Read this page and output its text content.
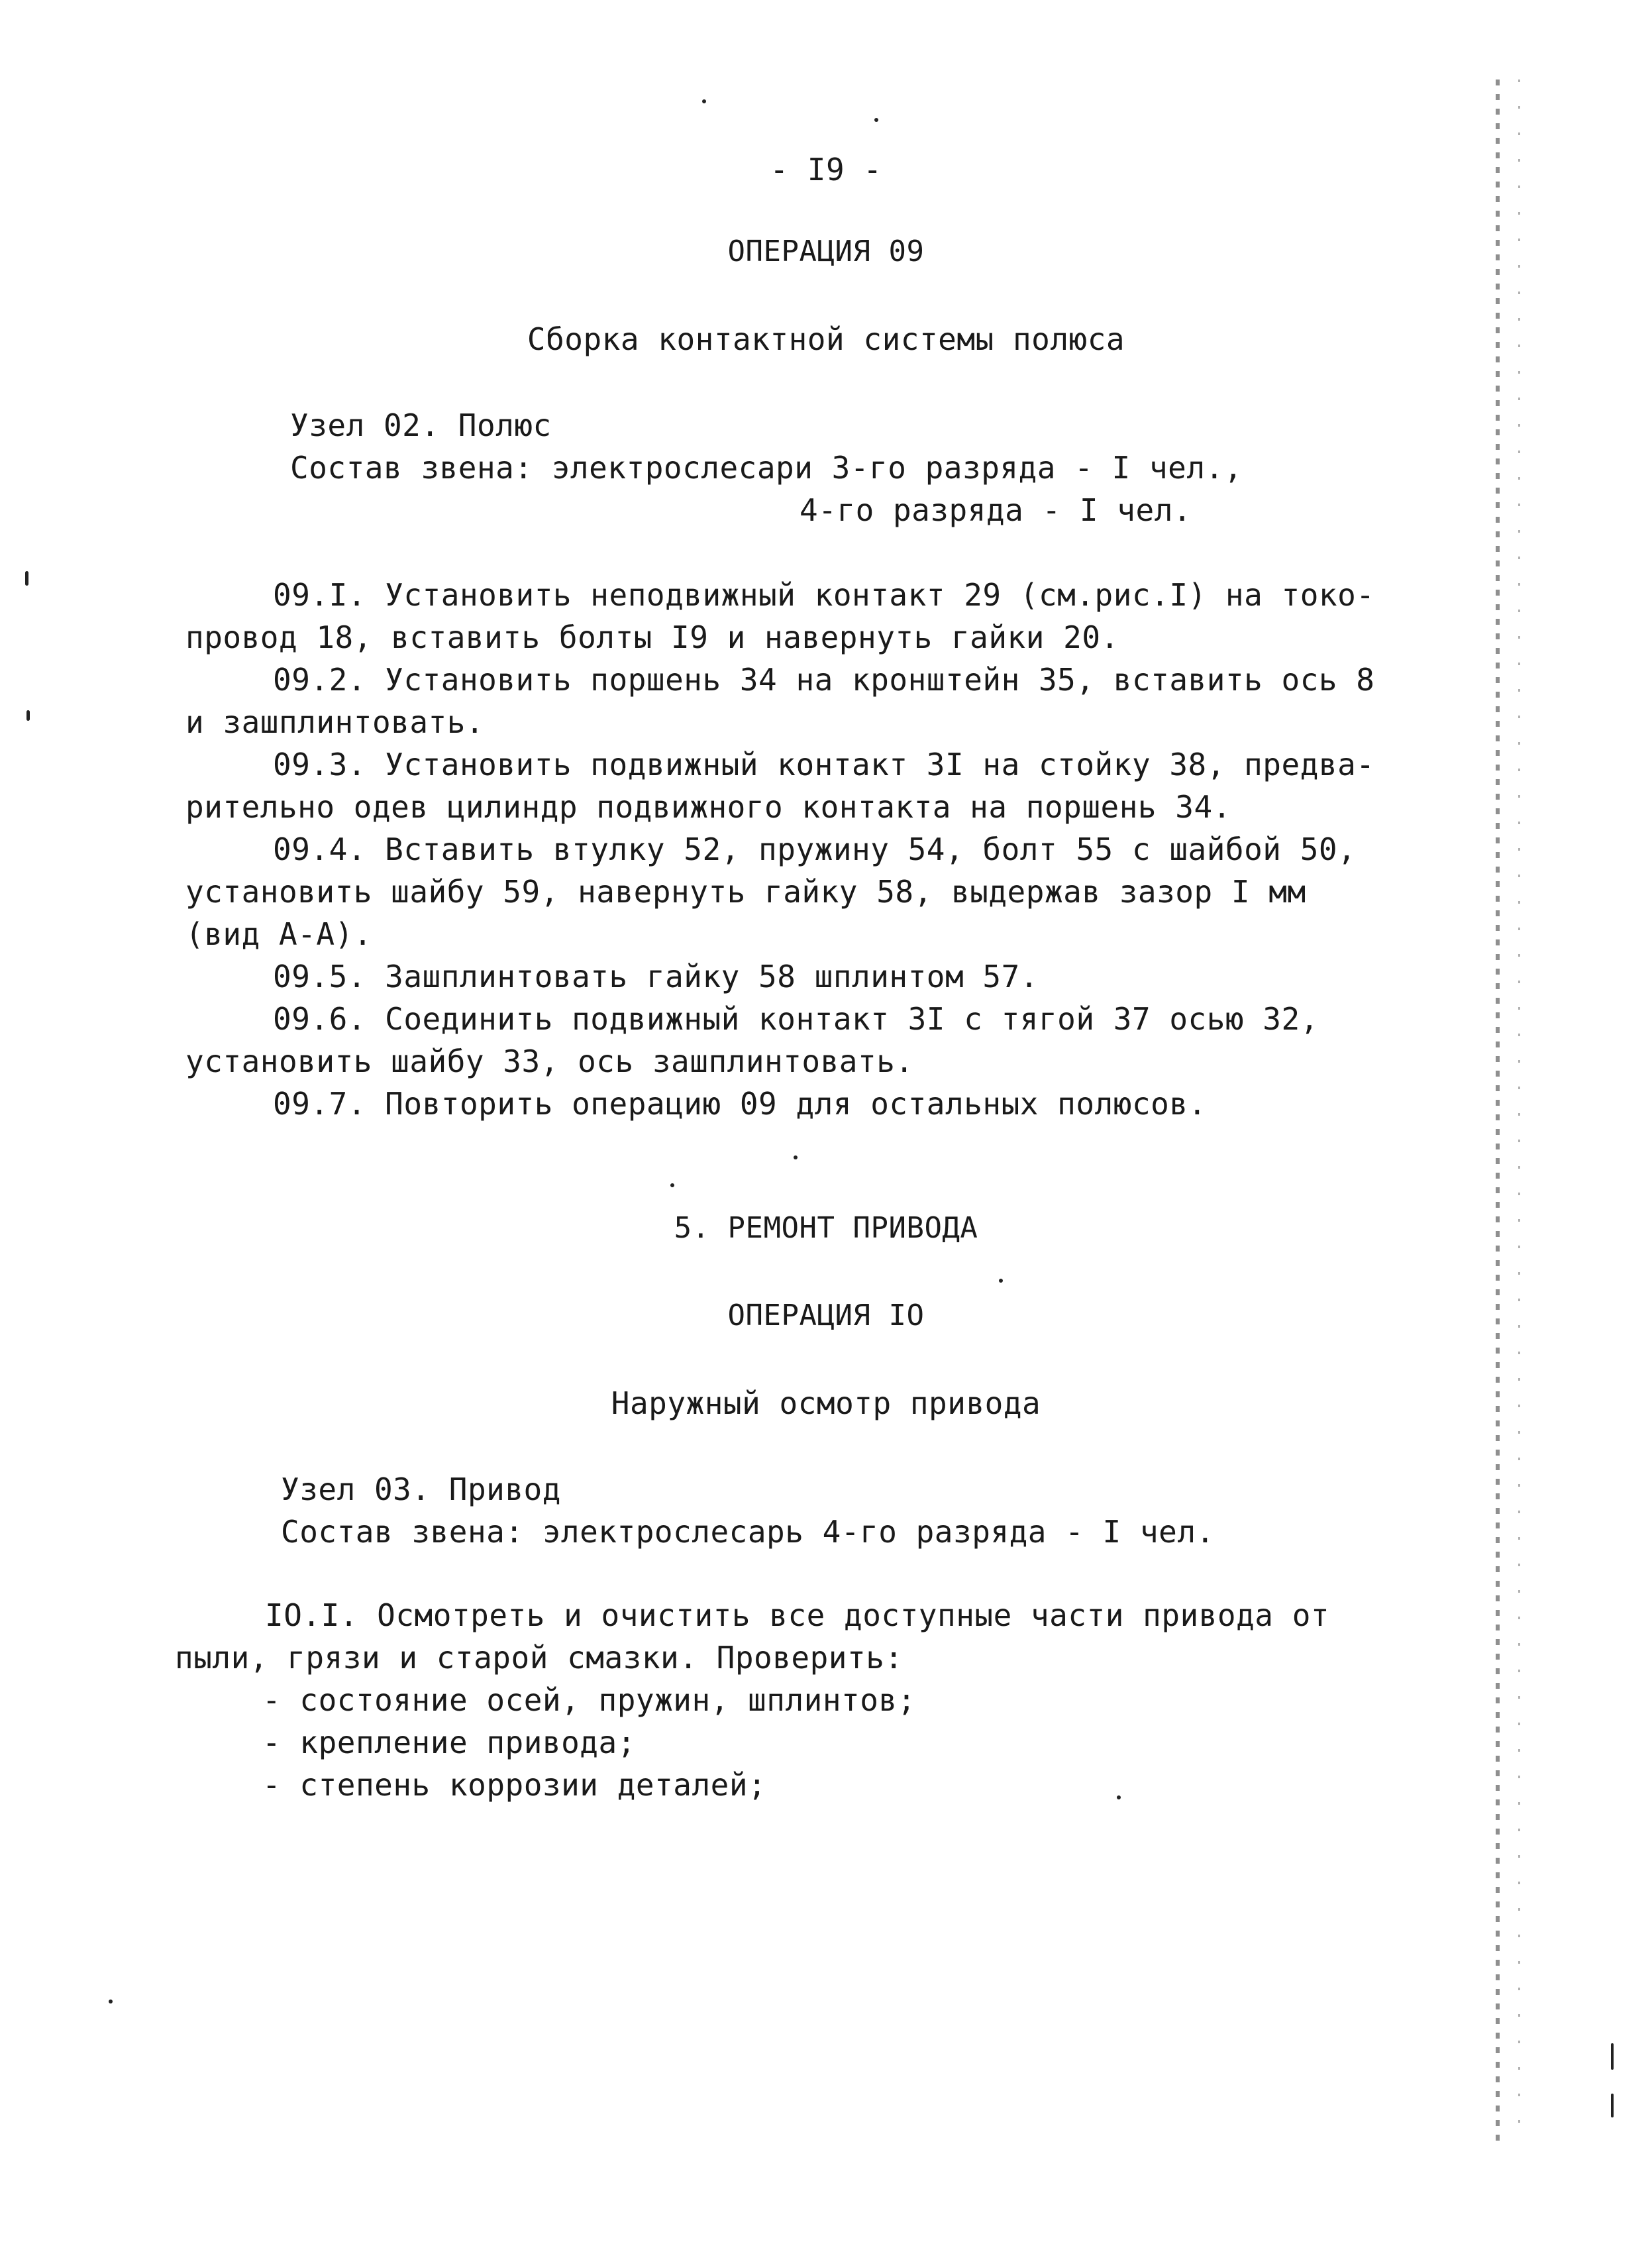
- I9 -
ОПЕРАЦИЯ 09
Сборка контактной системы полюса
Узел 02. Полюс
Состав звена: электрослесари 3-го разряда - I чел.,
4-го разряда - I чел.
09.I. Установить неподвижный контакт 29 (см.рис.I) на токо-
провод 18, вставить болты I9 и навернуть гайки 20.
09.2. Установить поршень 34 на кронштейн 35, вставить ось 8
и зашплинтовать.
09.3. Установить подвижный контакт 3I на стойку 38, предва-
рительно одев цилиндр подвижного контакта на поршень 34.
09.4. Вставить втулку 52, пружину 54, болт 55 с шайбой 50,
установить шайбу 59, навернуть гайку 58, выдержав зазор I мм
(вид А-А).
09.5. Зашплинтовать гайку 58 шплинтом 57.
09.6. Соединить подвижный контакт 3I с тягой 37 осью 32,
установить шайбу 33, ось зашплинтовать.
09.7. Повторить операцию 09 для остальных полюсов.
5. РЕМОНТ ПРИВОДА
ОПЕРАЦИЯ IO
Наружный осмотр привода
Узел 03. Привод
Состав звена: электрослесарь 4-го разряда - I чел.
IO.I. Осмотреть и очистить все доступные части привода от
пыли, грязи и старой смазки. Проверить:
- состояние осей, пружин, шплинтов;
- крепление привода;
- степень коррозии деталей;
